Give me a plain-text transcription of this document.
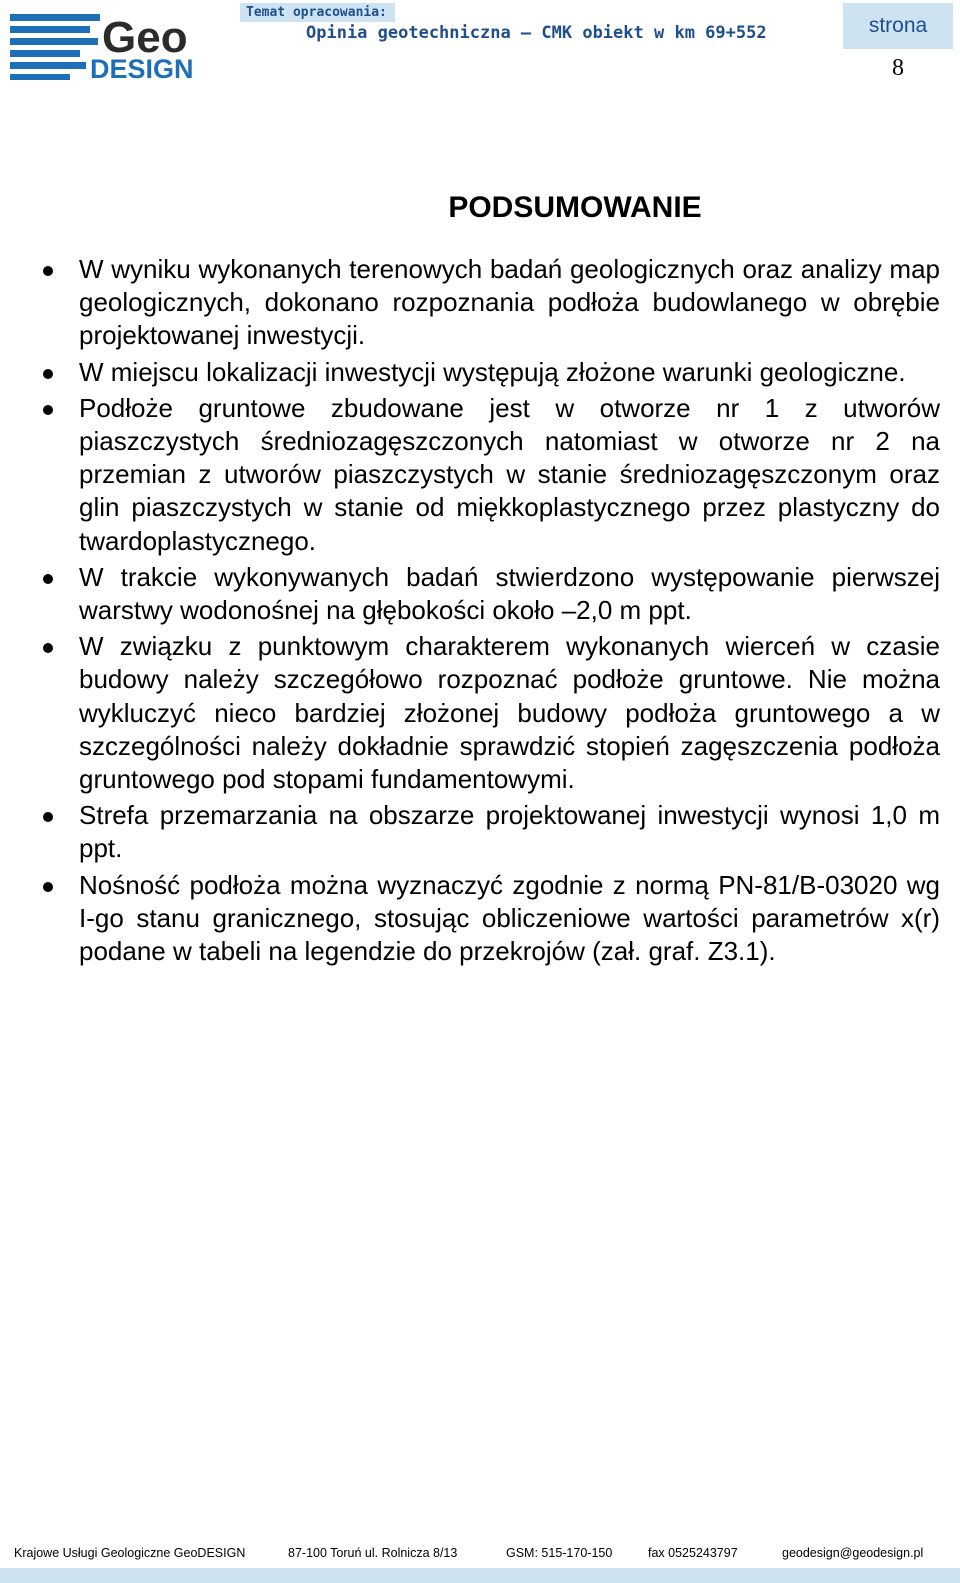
Geo
DESIGN
Temat opracowania:
Opinia geotechniczna – CMK obiekt w km 69+552	strona
8
PODSUMOWANIE
W wyniku wykonanych terenowych badań geologicznych oraz analizy map geologicznych, dokonano rozpoznania podłoża budowlanego w obrębie projektowanej inwestycji.
W miejscu lokalizacji inwestycji występują złożone warunki geologiczne.
Podłoże gruntowe zbudowane jest w otworze nr 1 z utworów piaszczystych średniozagęszczonych natomiast w otworze nr 2 na przemian z utworów piaszczystych w stanie średniozagęszczonym oraz glin piaszczystych w stanie od miękkoplastycznego przez plastyczny do twardoplastycznego.
W trakcie wykonywanych badań stwierdzono występowanie pierwszej warstwy wodonośnej na głębokości około –2,0 m ppt.
W związku z punktowym charakterem wykonanych wierceń w czasie budowy należy szczegółowo rozpoznać podłoże gruntowe. Nie można wykluczyć nieco bardziej złożonej budowy podłoża gruntowego a w szczególności należy dokładnie sprawdzić stopień zagęszczenia podłoża gruntowego pod stopami fundamentowymi.
Strefa przemarzania na obszarze projektowanej inwestycji wynosi 1,0 m ppt.
Nośność podłoża można wyznaczyć zgodnie z normą PN-81/B-03020 wg I-go stanu granicznego, stosując obliczeniowe wartości parametrów x(r) podane w tabeli na legendzie do przekrojów (zał. graf. Z3.1).
Krajowe Usługi Geologiczne GeoDESIGN	87-100 Toruń ul. Rolnicza 8/13	GSM: 515-170-150	fax 0525243797	geodesign@geodesign.pl
